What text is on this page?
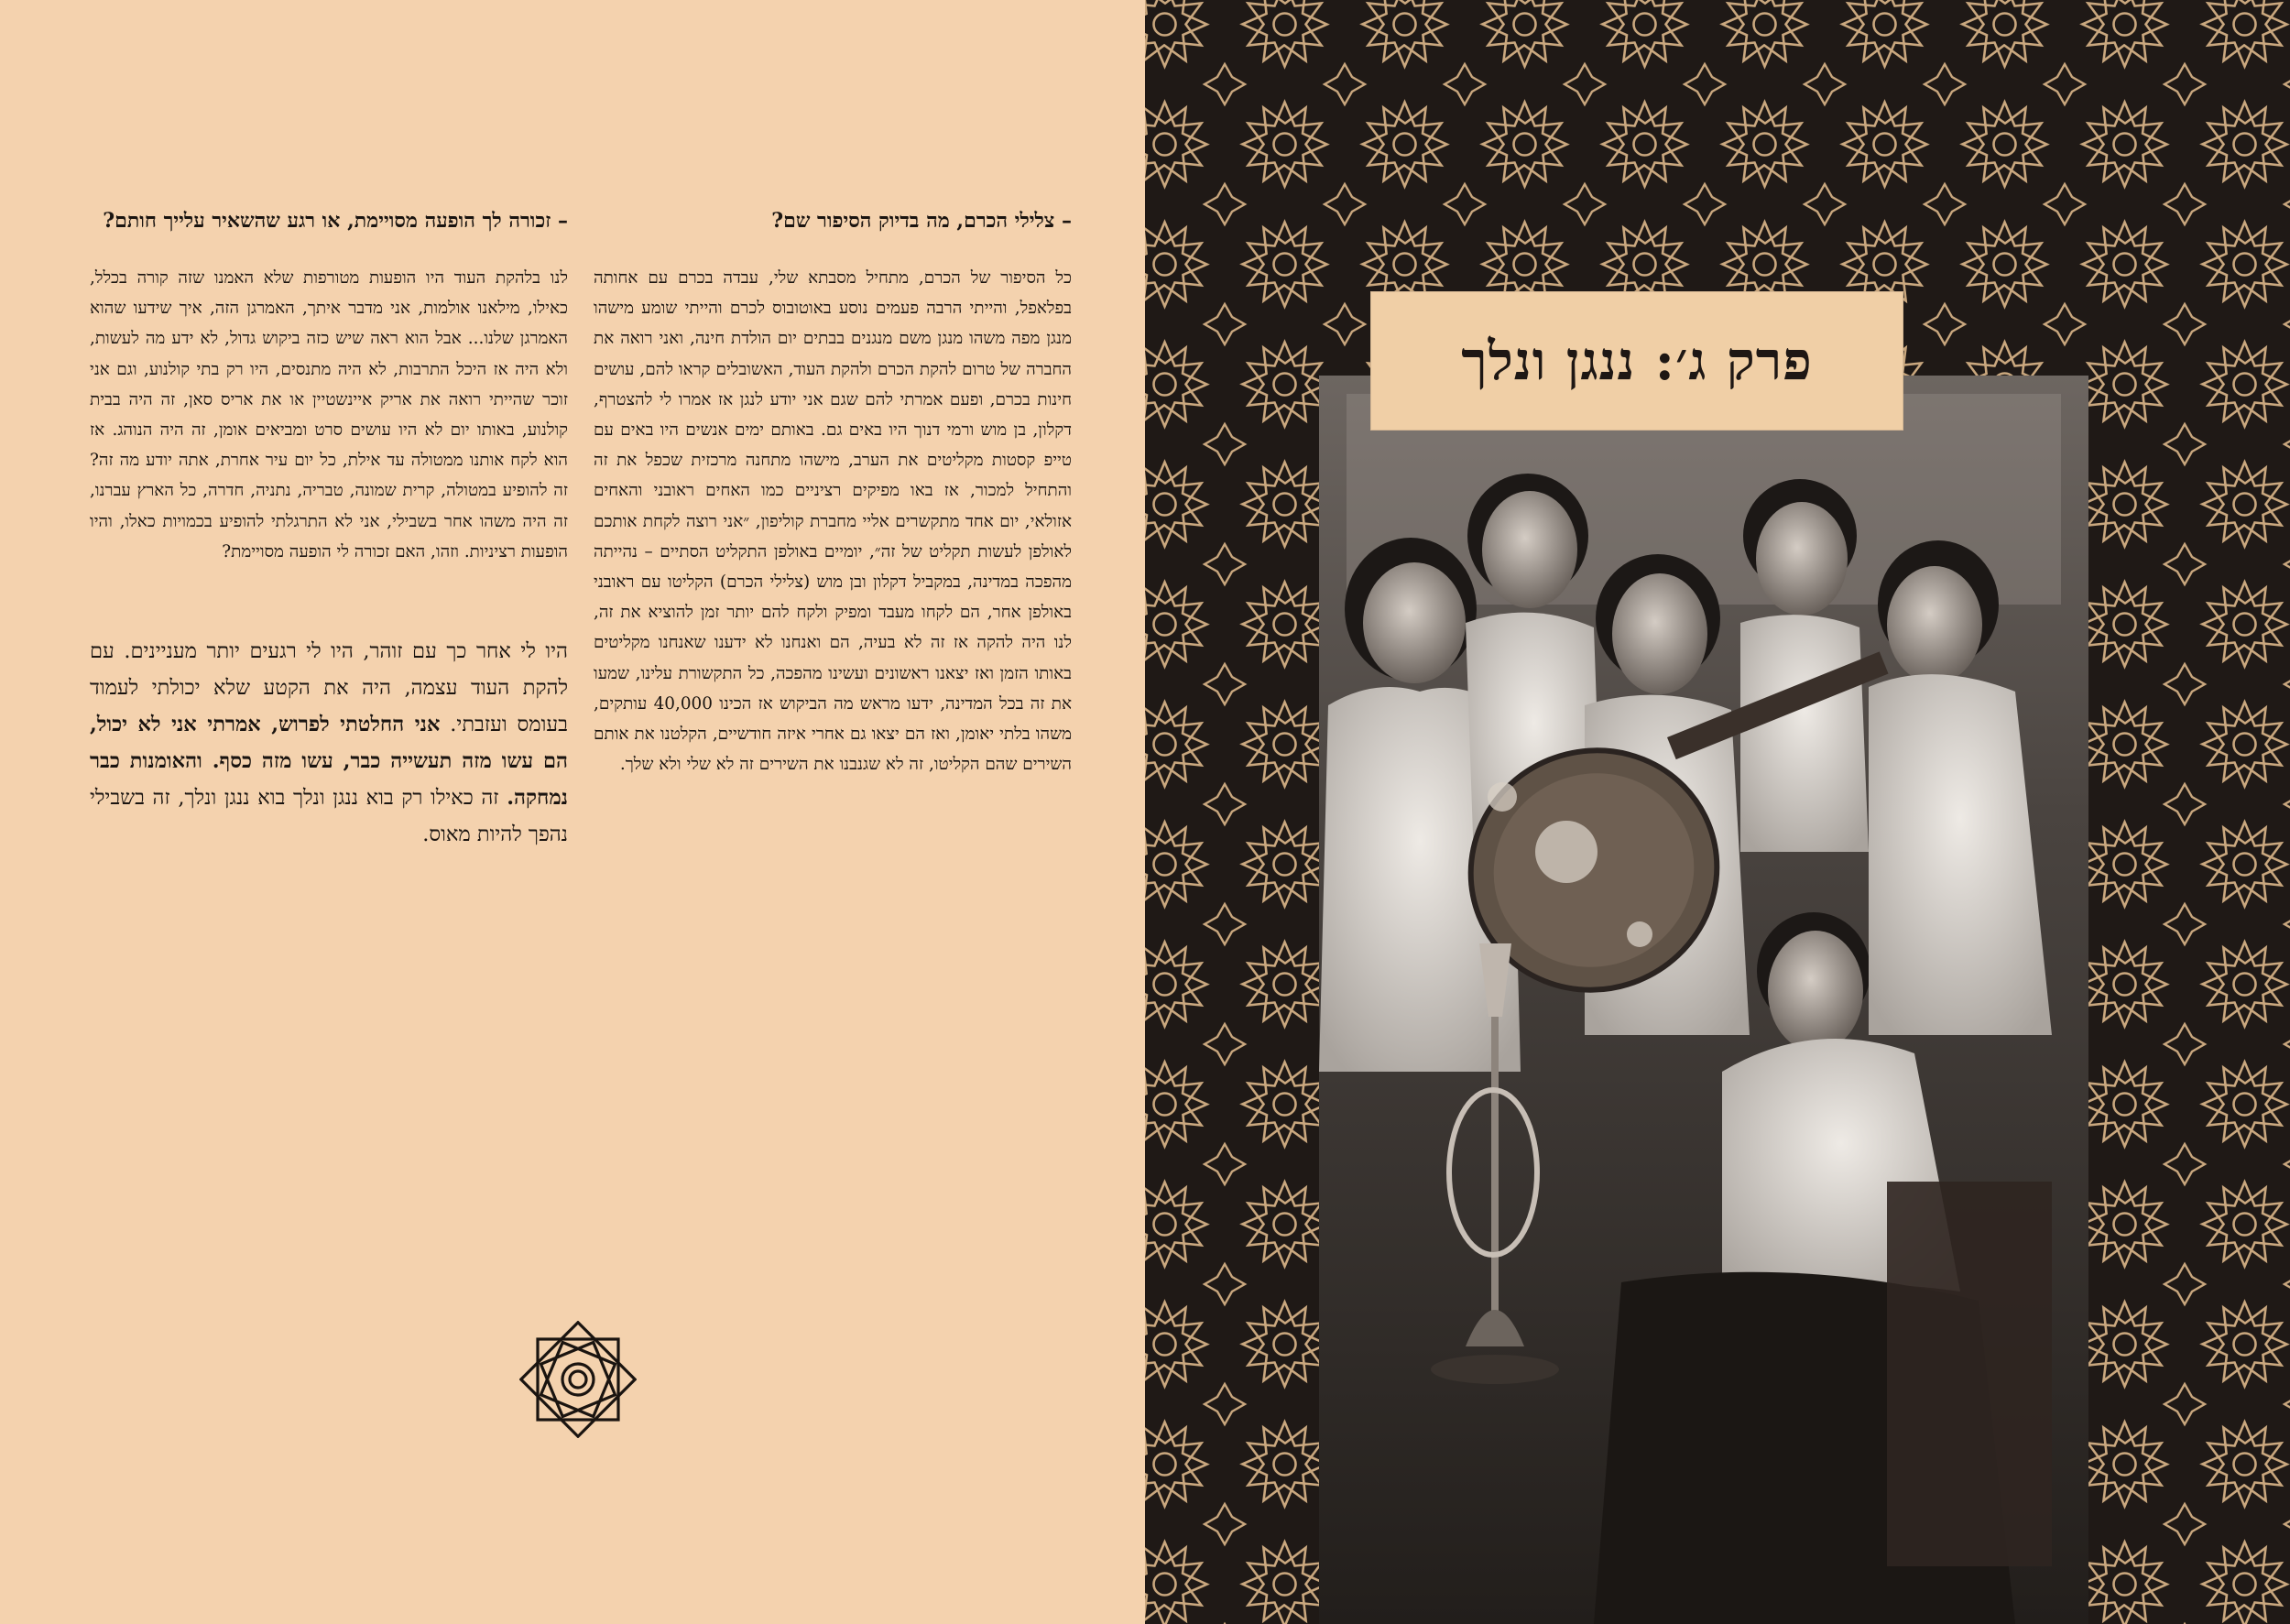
– צלילי הכרם, מה בדיוק הסיפור שם?
כל הסיפור של הכרם, מתחיל מסבתא שלי, עבדה בכרם עם אחותה בפלאפל, והייתי הרבה פעמים נוסע באוטובוס לכרם והייתי שומע מישהו מנגן מפה משהו מנגן משם מנגנים בבתים יום הולדת חינה, ואני רואה את החברה של טרום להקת הכרם ולהקת העוד, האשובלים קראו להם, עושים חינות בכרם, ופעם אמרתי להם שגם אני יודע לנגן אז אמרו לי להצטרף, דקלון, בן מוש ורמי דנוך היו באים גם. באותם ימים אנשים היו באים עם טייפ קסטות מקליטים את הערב, מישהו מתחנה מרכזית שכפל את זה והתחיל למכור, אז באו מפיקים רציניים כמו האחים ראובני והאחים אזולאי, יום אחד מתקשרים אליי מחברת קוליפון, ״אני רוצה לקחת אותכם לאולפן לעשות תקליט של זה״, יומיים באולפן התקליט הסתיים – נהייתה מהפכה במדינה, במקביל דקלון ובן מוש (צלילי הכרם) הקליטו עם ראובני באולפן אחר, הם לקחו מעבד ומפיק ולקח להם יותר זמן להוציא את זה, לנו היה להקה אז זה לא בעיה, הם ואנחנו לא ידענו שאנחנו מקליטים באותו הזמן ואז יצאנו ראשונים ועשינו מהפכה, כל התקשורת עלינו, שמעו את זה בכל המדינה, ידעו מראש מה הביקוש אז הכינו 40,000 עותקים, משהו בלתי יאומן, ואז הם יצאו גם אחרי איזה חודשיים, הקלטנו את אותם השירים שהם הקליטו, זה לא שגנבנו את השירים זה לא שלי ולא שלך.
– זכורה לך הופעה מסויימת, או רגע שהשאיר עלייך חותם?
לנו בלהקת העוד היו הופעות מטורפות שלא האמנו שזה קורה בכלל, כאילו, מילאנו אולמות, אני מדבר איתך, האמרגן הזה, איך שידעו שהוא האמרגן שלנו... אבל הוא ראה שיש כזה ביקוש גדול, לא ידע מה לעשות, ולא היה אז היכל התרבות, לא היה מתנסים, היו רק בתי קולנוע, וגם אני זוכר שהייתי רואה את אריק איינשטיין או את אריס סאן, זה היה בבית קולנוע, באותו יום לא היו עושים סרט ומביאים אומן, זה היה הנוהג. אז הוא לקח אותנו ממטולה עד אילת, כל יום עיר אחרת, אתה יודע מה זה? זה להופיע במטולה, קרית שמונה, טבריה, נתניה, חדרה, כל הארץ עברנו, זה היה משהו אחר בשבילי, אני לא התרגלתי להופיע בכמויות כאלו, והיו הופעות רציניות. וזהו, האם זכורה לי הופעה מסויימת?
היו לי אחר כך עם זוהר, היו לי רגעים יותר מעניינים. עם להקת העוד עצמה, היה את הקטע שלא יכולתי לעמוד בעומס ועזבתי. אני החלטתי לפרוש, אמרתי אני לא יכול, הם עשו מזה תעשייה כבר, עשו מזה כסף. והאומנות כבר נמחקה. זה כאילו רק בוא ננגן ונלך בוא ננגן ונלך, זה בשבילי נהפך להיות מאוס.
פרק ג׳: ננגן ונלך
